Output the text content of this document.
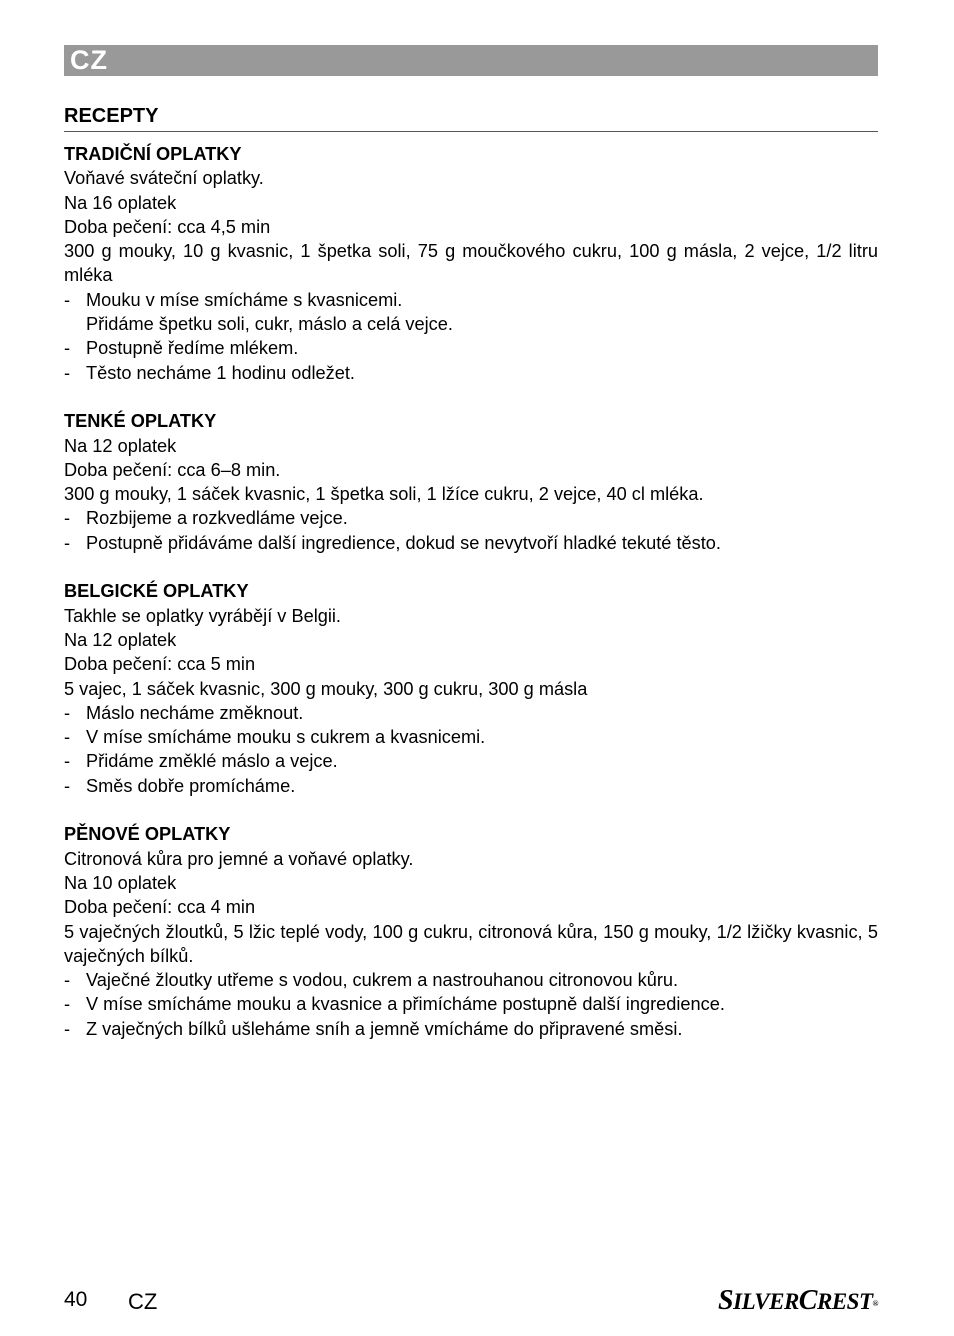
CZ
RECEPTY
TRADIČNÍ OPLATKY

Voňavé sváteční oplatky.

Na 16 oplatek

Doba pečení: cca 4,5 min

300 g mouky, 10 g kvasnic, 1 špetka soli, 75 g moučkového cukru, 100 g másla, 2 vejce, 1/2 litru mléka

- Mouku v míse smícháme s kvasnicemi.
Přidáme špetku soli, cukr, máslo a celá vejce.
- Postupně ředíme mlékem.
- Těsto necháme 1 hodinu odležet.
TENKÉ OPLATKY

Na 12 oplatek

Doba pečení: cca 6–8 min.

300 g mouky, 1 sáček kvasnic, 1 špetka soli, 1 lžíce cukru, 2 vejce, 40 cl mléka.

- Rozbijeme a rozkvedláme vejce.
- Postupně přidáváme další ingredience, dokud se nevytvoří hladké tekuté těsto.
BELGICKÉ OPLATKY

Takhle se oplatky vyrábějí v Belgii.

Na 12 oplatek

Doba pečení: cca 5 min

5 vajec, 1 sáček kvasnic, 300 g mouky, 300 g cukru, 300 g másla

- Máslo necháme změknout.
- V míse smícháme mouku s cukrem a kvasnicemi.
- Přidáme změklé máslo a vejce.
- Směs dobře promícháme.
PĚNOVÉ OPLATKY

Citronová kůra pro jemné a voňavé oplatky.

Na 10 oplatek

Doba pečení: cca 4 min

5 vaječných žloutků, 5 lžic teplé vody, 100 g cukru, citronová kůra, 150 g mouky, 1/2 lžičky kvasnic, 5 vaječných bílků.

- Vaječné žloutky utřeme s vodou, cukrem a nastrouhanou citronovou kůru.
- V míse smícháme mouku a kvasnice a přimícháme postupně další ingredience.
- Z vaječných bílků ušleháme sníh a jemně vmícháme do připravené směsi.
40 CZ	SILVERCREST®
